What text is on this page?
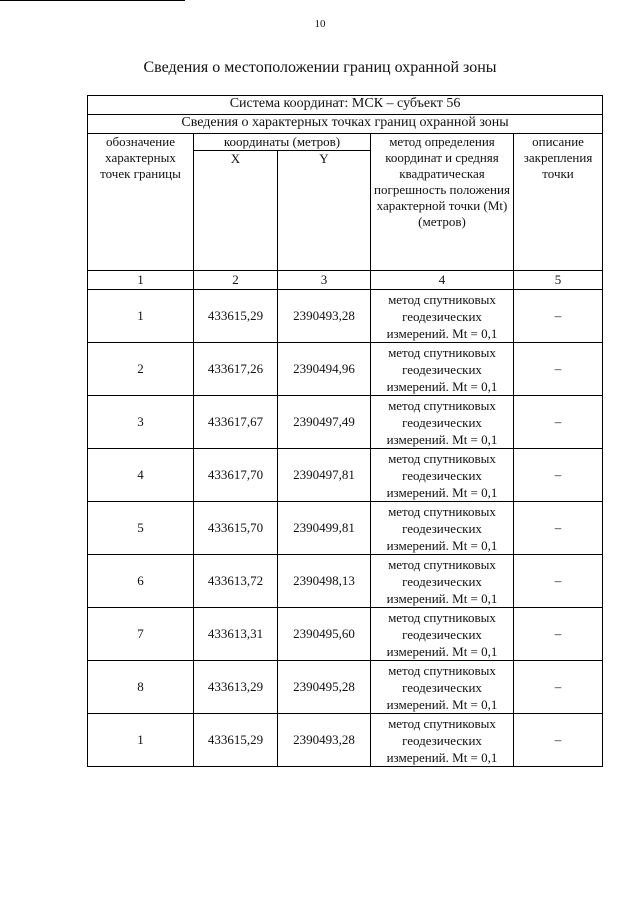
10
Сведения о местоположении границ охранной зоны
Система координат: МСК – субъект 56				
Сведения о характерных точках границ охранной зоны				
обозначение характерных точек границы	координаты (метров)		метод определения координат и средняя квадратическая погрешность положения характерной точки (Mt) (метров)	описание закрепления точки
	X	Y		
1	2	3	4	5
1	433615,29	2390493,28	метод спутниковых геодезических измерений. Mt = 0,1	–
2	433617,26	2390494,96	метод спутниковых геодезических измерений. Mt = 0,1	–
3	433617,67	2390497,49	метод спутниковых геодезических измерений. Mt = 0,1	–
4	433617,70	2390497,81	метод спутниковых геодезических измерений. Mt = 0,1	–
5	433615,70	2390499,81	метод спутниковых геодезических измерений. Mt = 0,1	–
6	433613,72	2390498,13	метод спутниковых геодезических измерений. Mt = 0,1	–
7	433613,31	2390495,60	метод спутниковых геодезических измерений. Mt = 0,1	–
8	433613,29	2390495,28	метод спутниковых геодезических измерений. Mt = 0,1	–
1	433615,29	2390493,28	метод спутниковых геодезических измерений. Mt = 0,1	–
